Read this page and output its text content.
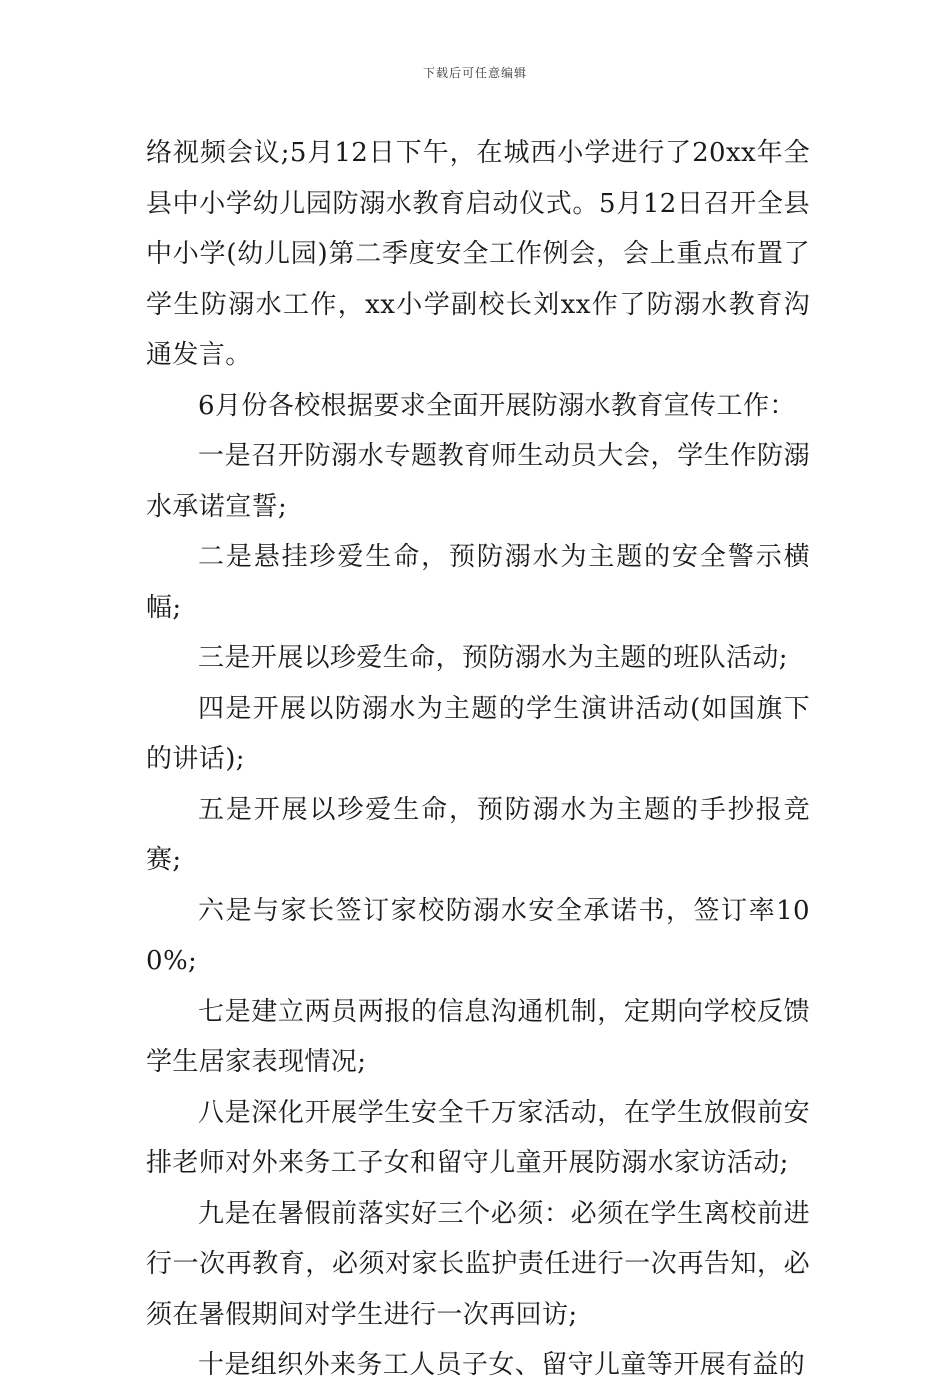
下载后可任意编辑

络视频会议;5月12日下午，在城西小学进行了20xx年全县中小学幼儿园防溺水教育启动仪式。5月12日召开全县中小学(幼儿园)第二季度安全工作例会，会上重点布置了学生防溺水工作，xx小学副校长刘xx作了防溺水教育沟通发言。

6月份各校根据要求全面开展防溺水教育宣传工作：

一是召开防溺水专题教育师生动员大会，学生作防溺水承诺宣誓;

二是悬挂珍爱生命，预防溺水为主题的安全警示横幅;

三是开展以珍爱生命，预防溺水为主题的班队活动;

四是开展以防溺水为主题的学生演讲活动(如国旗下的讲话);

五是开展以珍爱生命，预防溺水为主题的手抄报竞赛;

六是与家长签订家校防溺水安全承诺书，签订率100%;

七是建立两员两报的信息沟通机制，定期向学校反馈学生居家表现情况;

八是深化开展学生安全千万家活动，在学生放假前安排老师对外来务工子女和留守儿童开展防溺水家访活动;

九是在暑假前落实好三个必须：必须在学生离校前进行一次再教育，必须对家长监护责任进行一次再告知，必须在暑假期间对学生进行一次再回访;

十是组织外来务工人员子女、留守儿童等开展有益的
